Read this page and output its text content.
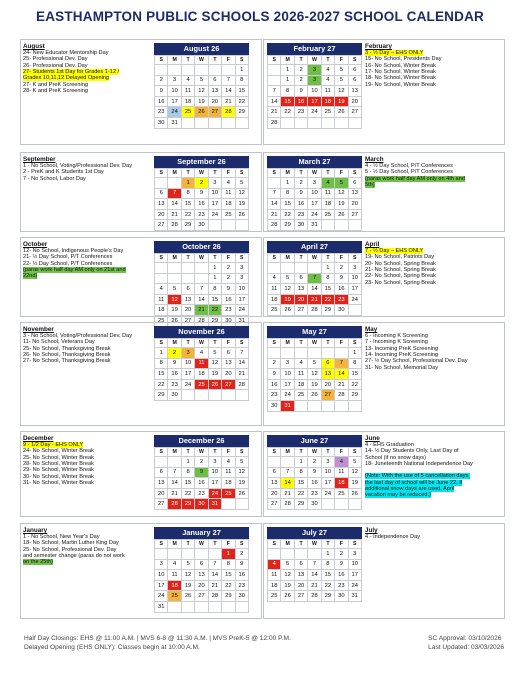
EASTHAMPTON PUBLIC SCHOOLS 2026-2027 SCHOOL CALENDAR
August
24- New Educator Mentorship Day
25- Professional Dev. Day
26- Professional Dev. Day
27- Students 1st Day for Grades 1-12 /
Grades 10,11,12 Delayed Opening
27- K and PreK Screening
28- K and PreK Screening
August 26
S	M	T	W	T	F	S
						1
2	3	4	5	6	7	8
9	10	11	12	13	14	15
16	17	18	19	20	21	22
23	24	25	26	27	28	29
30	31					
February
3 - ½ Day – EHS ONLY
15- No School, Presidents Day
16- No School, Winter Break
17- No School, Winter Break
18- No School, Winter Break
19- No School, Winter Break
February 27
S	M	T	W	T	F	S
	1	2	3	4	5	6
	1	2	3	4	5	6
7	8	9	10	11	12	13
14	15	16	17	18	19	20
21	22	23	24	25	26	27
28						
September
1 - No School, Voting/Professional Dev. Day
2 - PreK and K Students 1st Day
7 - No School, Labor Day
September 26
S	M	T	W	T	F	S
		1	2	3	4	5
6	7	8	9	10	11	12
13	14	15	16	17	18	19
20	21	22	23	24	25	26
27	28	29	30			
March
4 - ½ Day School, P/T Conferences
5 - ½ Day School, P/T Conferences
(paras work half day AM only on 4th and
5th)
March 27
S	M	T	W	T	F	S
	1	2	3	4	5	6
7	8	9	10	11	12	13
14	15	16	17	18	19	20
21	22	23	24	25	26	27
28	29	30	31			
October
12- No School, Indigenous People’s Day
21- ½ Day School, P/T Conferences
22- ½ Day School, P/T Conferences
(paras work half day AM only on 21st and
22nd)
October 26
S	M	T	W	T	F	S
				1	2	3
				1	2	3
4	5	6	7	8	9	10
11	12	13	14	15	16	17
18	19	20	21	22	23	24
25	26	27	28	29	30	31
April
7 - ½ Day – EHS ONLY
19- No School, Patriots Day
20- No School, Spring Break
21- No School, Spring Break
22- No School, Spring Break
23- No School, Spring Break
April 27
S	M	T	W	T	F	S
				1	2	3
4	5	6	7	8	9	10
11	12	13	14	15	16	17
18	19	20	21	22	23	24
25	26	27	28	29	30	
November
3 - No School, Voting/Professional Dev. Day
11- No School, Veterans Day
25- No School, Thanksgiving Break
26- No School, Thanksgiving Break
27- No School, Thanksgiving Break
November 26
S	M	T	W	T	F	S
1	2	3	4	5	6	7
8	9	10	11	12	13	14
15	16	17	18	19	20	21
22	23	24	25	26	27	28
29	30					
May
6 - Incoming K Screening
7 - Incoming K Screening
13- Incoming PreK Screening
14- Incoming PreK Screening
27- ½ Day School, Professional Dev. Day
31- No School, Memorial Day
May 27
S	M	T	W	T	F	S
						1
2	3	4	5	6	7	8
9	10	11	12	13	14	15
16	17	18	19	20	21	22
23	24	25	26	27	28	29
30	31					
December
9 - 1/2 Day - EHS ONLY
24- No School, Winter Break
25- No School, Winter Break
28- No School, Winter Break
29- No School, Winter Break
30- No School, Winter Break
31- No School, Winter Break
December 26
S	M	T	W	T	F	S
		1	2	3	4	5
6	7	8	9	10	11	12
13	14	15	16	17	18	19
20	21	22	23	24	25	26
27	28	29	30	31		
June
4 - EHS Graduation
14- ½ Day Students Only, Last Day of
School (if no snow days)
18- Juneteenth National Independence Day
(Note: With the use of 5 cancellation days,
the last day of school will be June 22. If
additional snow days are used, April
vacation may be reduced.)
June 27
S	M	T	W	T	F	S
		1	2	3	4	5
6	7	8	9	10	11	12
13	14	15	16	17	18	19
20	21	22	23	24	25	26
27	28	29	30			
January
1 - No School, New Year’s Day
18- No School, Martin Luther King Day
25- No School, Professional Dev. Day
and semester change (paras do not work
on the 25th)
January 27
S	M	T	W	T	F	S
					1	2
3	4	5	6	7	8	9
10	11	12	13	14	15	16
17	18	19	20	21	22	23
24	25	26	27	28	29	30
31						
July
4 - Independence Day
July 27
S	M	T	W	T	F	S
				1	2	3
4	5	6	7	8	9	10
11	12	13	14	15	16	17
18	19	20	21	22	23	24
25	26	27	28	29	30	31
Half Day Closings: EHS @ 11:00 A.M. | MVS 6-8 @ 11:30 A.M. | MVS PreK-5 @ 12:00 P.M.
Delayed Opening (EHS ONLY): Classes begin at 10:00 A.M.
SC Approval: 03/10/2026
Last Updated: 03/03/2026
